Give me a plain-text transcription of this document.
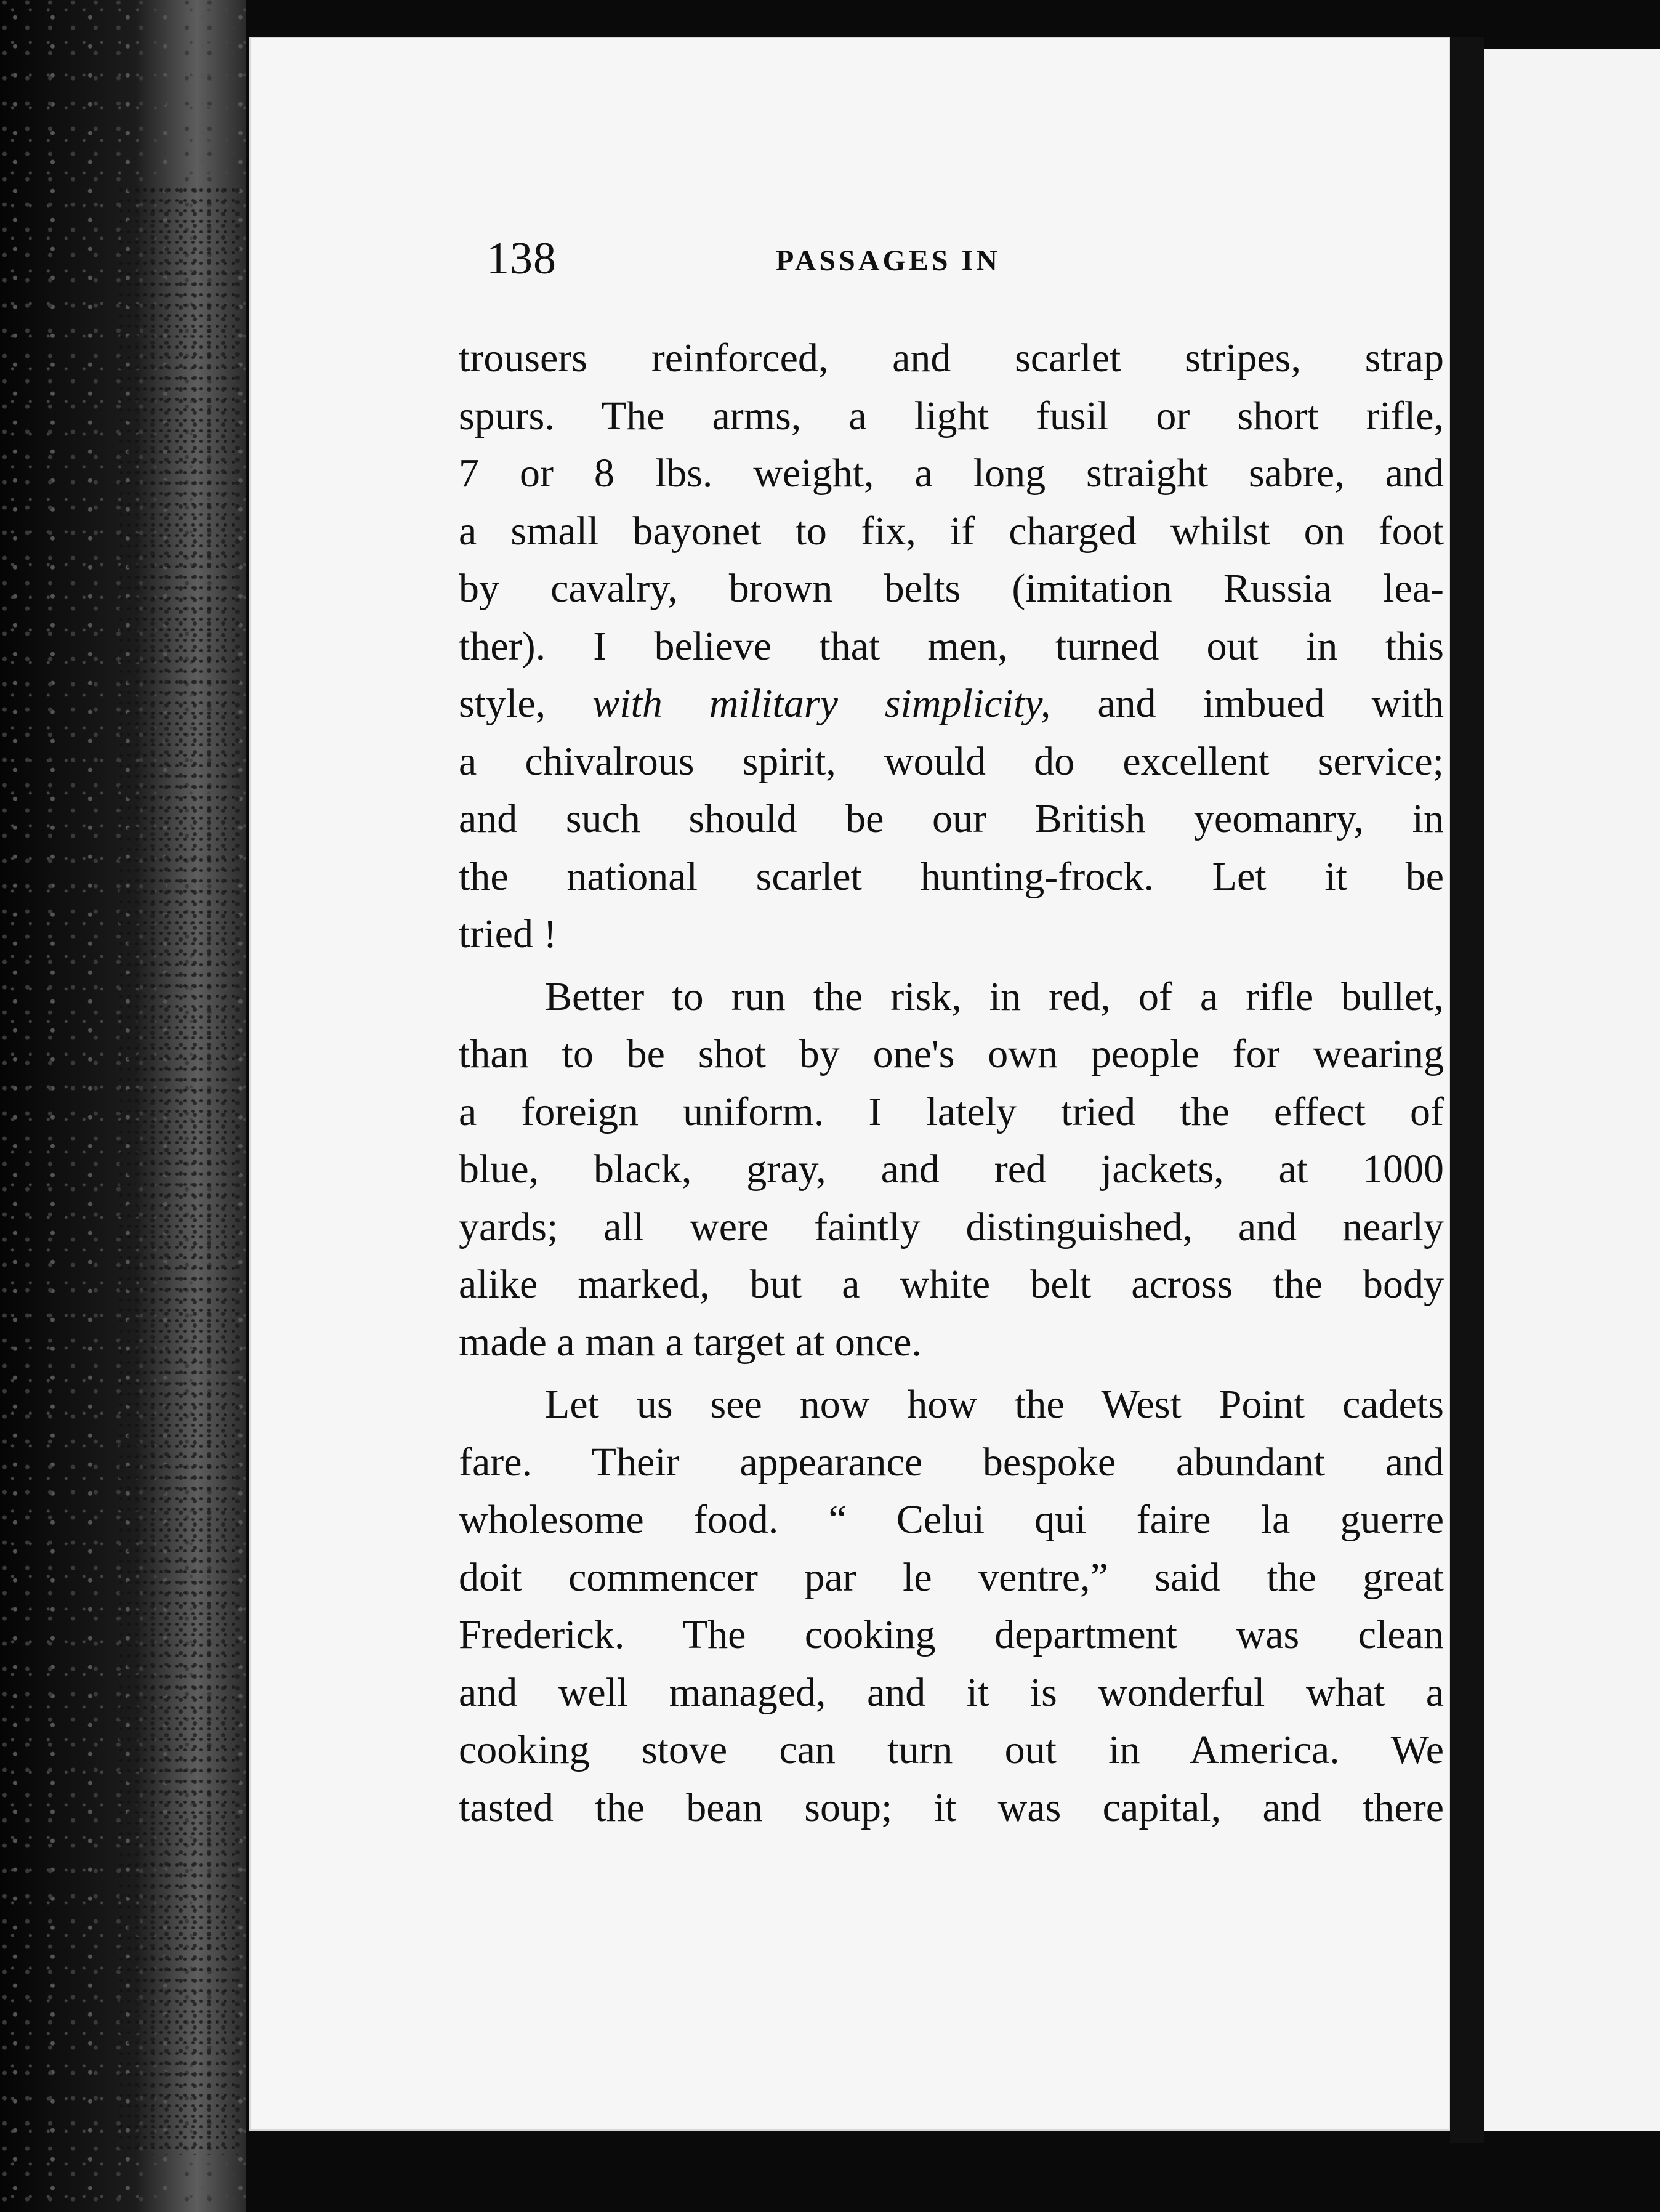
138	PASSAGES IN
trousers reinforced, and scarlet stripes, strap
spurs. The arms, a light fusil or short rifle,
7 or 8 lbs. weight, a long straight sabre, and
a small bayonet to fix, if charged whilst on foot
by cavalry, brown belts (imitation Russia lea-
ther). I believe that men, turned out in this
style, with military simplicity, and imbued with
a chivalrous spirit, would do excellent service;
and such should be our British yeomanry, in
the national scarlet hunting-frock. Let it be
tried !
Better to run the risk, in red, of a rifle bullet,
than to be shot by one's own people for wearing
a foreign uniform. I lately tried the effect of
blue, black, gray, and red jackets, at 1000
yards; all were faintly distinguished, and nearly
alike marked, but a white belt across the body
made a man a target at once.
Let us see now how the West Point cadets
fare. Their appearance bespoke abundant and
wholesome food. “ Celui qui faire la guerre
doit commencer par le ventre,” said the great
Frederick. The cooking department was clean
and well managed, and it is wonderful what a
cooking stove can turn out in America. We
tasted the bean soup; it was capital, and there
